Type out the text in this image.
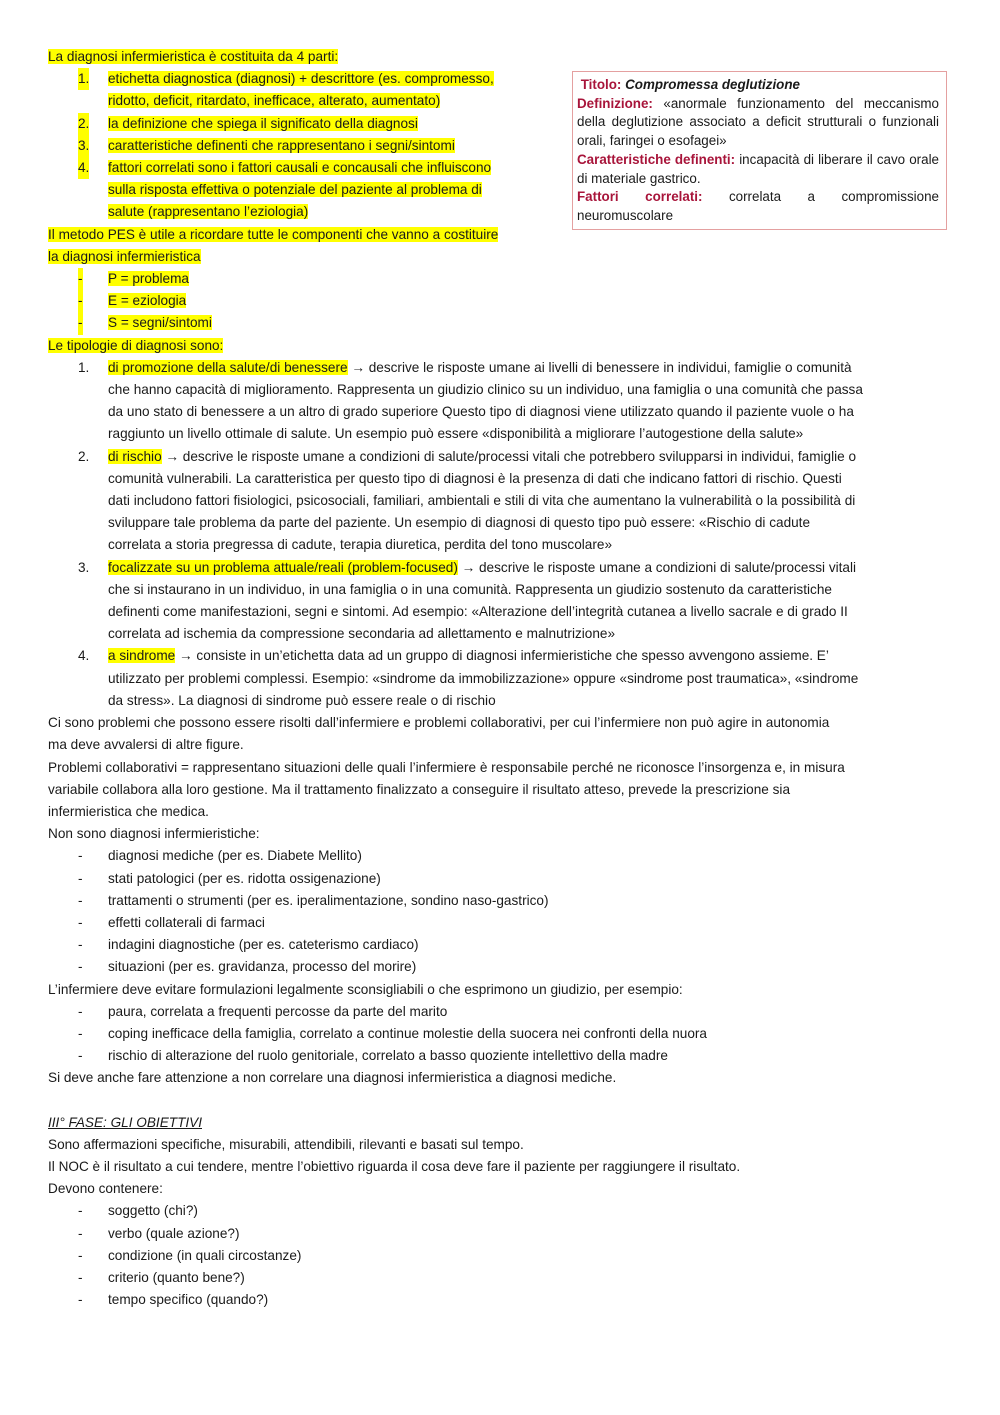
Titolo: Compromessa deglutizione

Definizione: «anormale funzionamento del meccanismo della deglutizione associato a deficit strutturali o funzionali orali, faringei o esofagei»

Caratteristiche definenti: incapacità di liberare il cavo orale di materiale gastrico.

Fattori correlati: correlata a compromissione neuromuscolare

La diagnosi infermieristica è costituita da 4 parti:
1. etichetta diagnostica (diagnosi) + descrittore (es. compromesso,
ridotto, deficit, ritardato, inefficace, alterato, aumentato)
2. la definizione che spiega il significato della diagnosi
3. caratteristiche definenti che rappresentano i segni/sintomi
4. fattori correlati sono i fattori causali e concausali che influiscono
sulla risposta effettiva o potenziale del paziente al problema di
salute (rappresentano l’eziologia)
Il metodo PES è utile a ricordare tutte le componenti che vanno a costituire
la diagnosi infermieristica
- P = problema
- E = eziologia
- S = segni/sintomi
Le tipologie di diagnosi sono:
1. di promozione della salute/di benessere → descrive le risposte umane ai livelli di benessere in individui, famiglie o comunità
che hanno capacità di miglioramento. Rappresenta un giudizio clinico su un individuo, una famiglia o una comunità che passa
da uno stato di benessere a un altro di grado superiore Questo tipo di diagnosi viene utilizzato quando il paziente vuole o ha
raggiunto un livello ottimale di salute. Un esempio può essere «disponibilità a migliorare l’autogestione della salute»
2. di rischio → descrive le risposte umane a condizioni di salute/processi vitali che potrebbero svilupparsi in individui, famiglie o
comunità vulnerabili. La caratteristica per questo tipo di diagnosi è la presenza di dati che indicano fattori di rischio. Questi
dati includono fattori fisiologici, psicosociali, familiari, ambientali e stili di vita che aumentano la vulnerabilità o la possibilità di
sviluppare tale problema da parte del paziente. Un esempio di diagnosi di questo tipo può essere: «Rischio di cadute
correlata a storia pregressa di cadute, terapia diuretica, perdita del tono muscolare»
3. focalizzate su un problema attuale/reali (problem-focused) → descrive le risposte umane a condizioni di salute/processi vitali
che si instaurano in un individuo, in una famiglia o in una comunità. Rappresenta un giudizio sostenuto da caratteristiche
definenti come manifestazioni, segni e sintomi. Ad esempio: «Alterazione dell’integrità cutanea a livello sacrale e di grado II
correlata ad ischemia da compressione secondaria ad allettamento e malnutrizione»
4. a sindrome → consiste in un’etichetta data ad un gruppo di diagnosi infermieristiche che spesso avvengono assieme. E’
utilizzato per problemi complessi. Esempio: «sindrome da immobilizzazione» oppure «sindrome post traumatica», «sindrome
da stress». La diagnosi di sindrome può essere reale o di rischio
Ci sono problemi che possono essere risolti dall’infermiere e problemi collaborativi, per cui l’infermiere non può agire in autonomia
ma deve avvalersi di altre figure.
Problemi collaborativi = rappresentano situazioni delle quali l’infermiere è responsabile perché ne riconosce l’insorgenza e, in misura
variabile collabora alla loro gestione. Ma il trattamento finalizzato a conseguire il risultato atteso, prevede la prescrizione sia
infermieristica che medica.
Non sono diagnosi infermieristiche:
- diagnosi mediche (per es. Diabete Mellito)
- stati patologici (per es. ridotta ossigenazione)
- trattamenti o strumenti (per es. iperalimentazione, sondino naso-gastrico)
- effetti collaterali di farmaci
- indagini diagnostiche (per es. cateterismo cardiaco)
- situazioni (per es. gravidanza, processo del morire)
L’infermiere deve evitare formulazioni legalmente sconsigliabili o che esprimono un giudizio, per esempio:
- paura, correlata a frequenti percosse da parte del marito
- coping inefficace della famiglia, correlato a continue molestie della suocera nei confronti della nuora
- rischio di alterazione del ruolo genitoriale, correlato a basso quoziente intellettivo della madre
Si deve anche fare attenzione a non correlare una diagnosi infermieristica a diagnosi mediche.
III° FASE: GLI OBIETTIVI
Sono affermazioni specifiche, misurabili, attendibili, rilevanti e basati sul tempo.
Il NOC è il risultato a cui tendere, mentre l’obiettivo riguarda il cosa deve fare il paziente per raggiungere il risultato.
Devono contenere:
- soggetto (chi?)
- verbo (quale azione?)
- condizione (in quali circostanze)
- criterio (quanto bene?)
- tempo specifico (quando?)
